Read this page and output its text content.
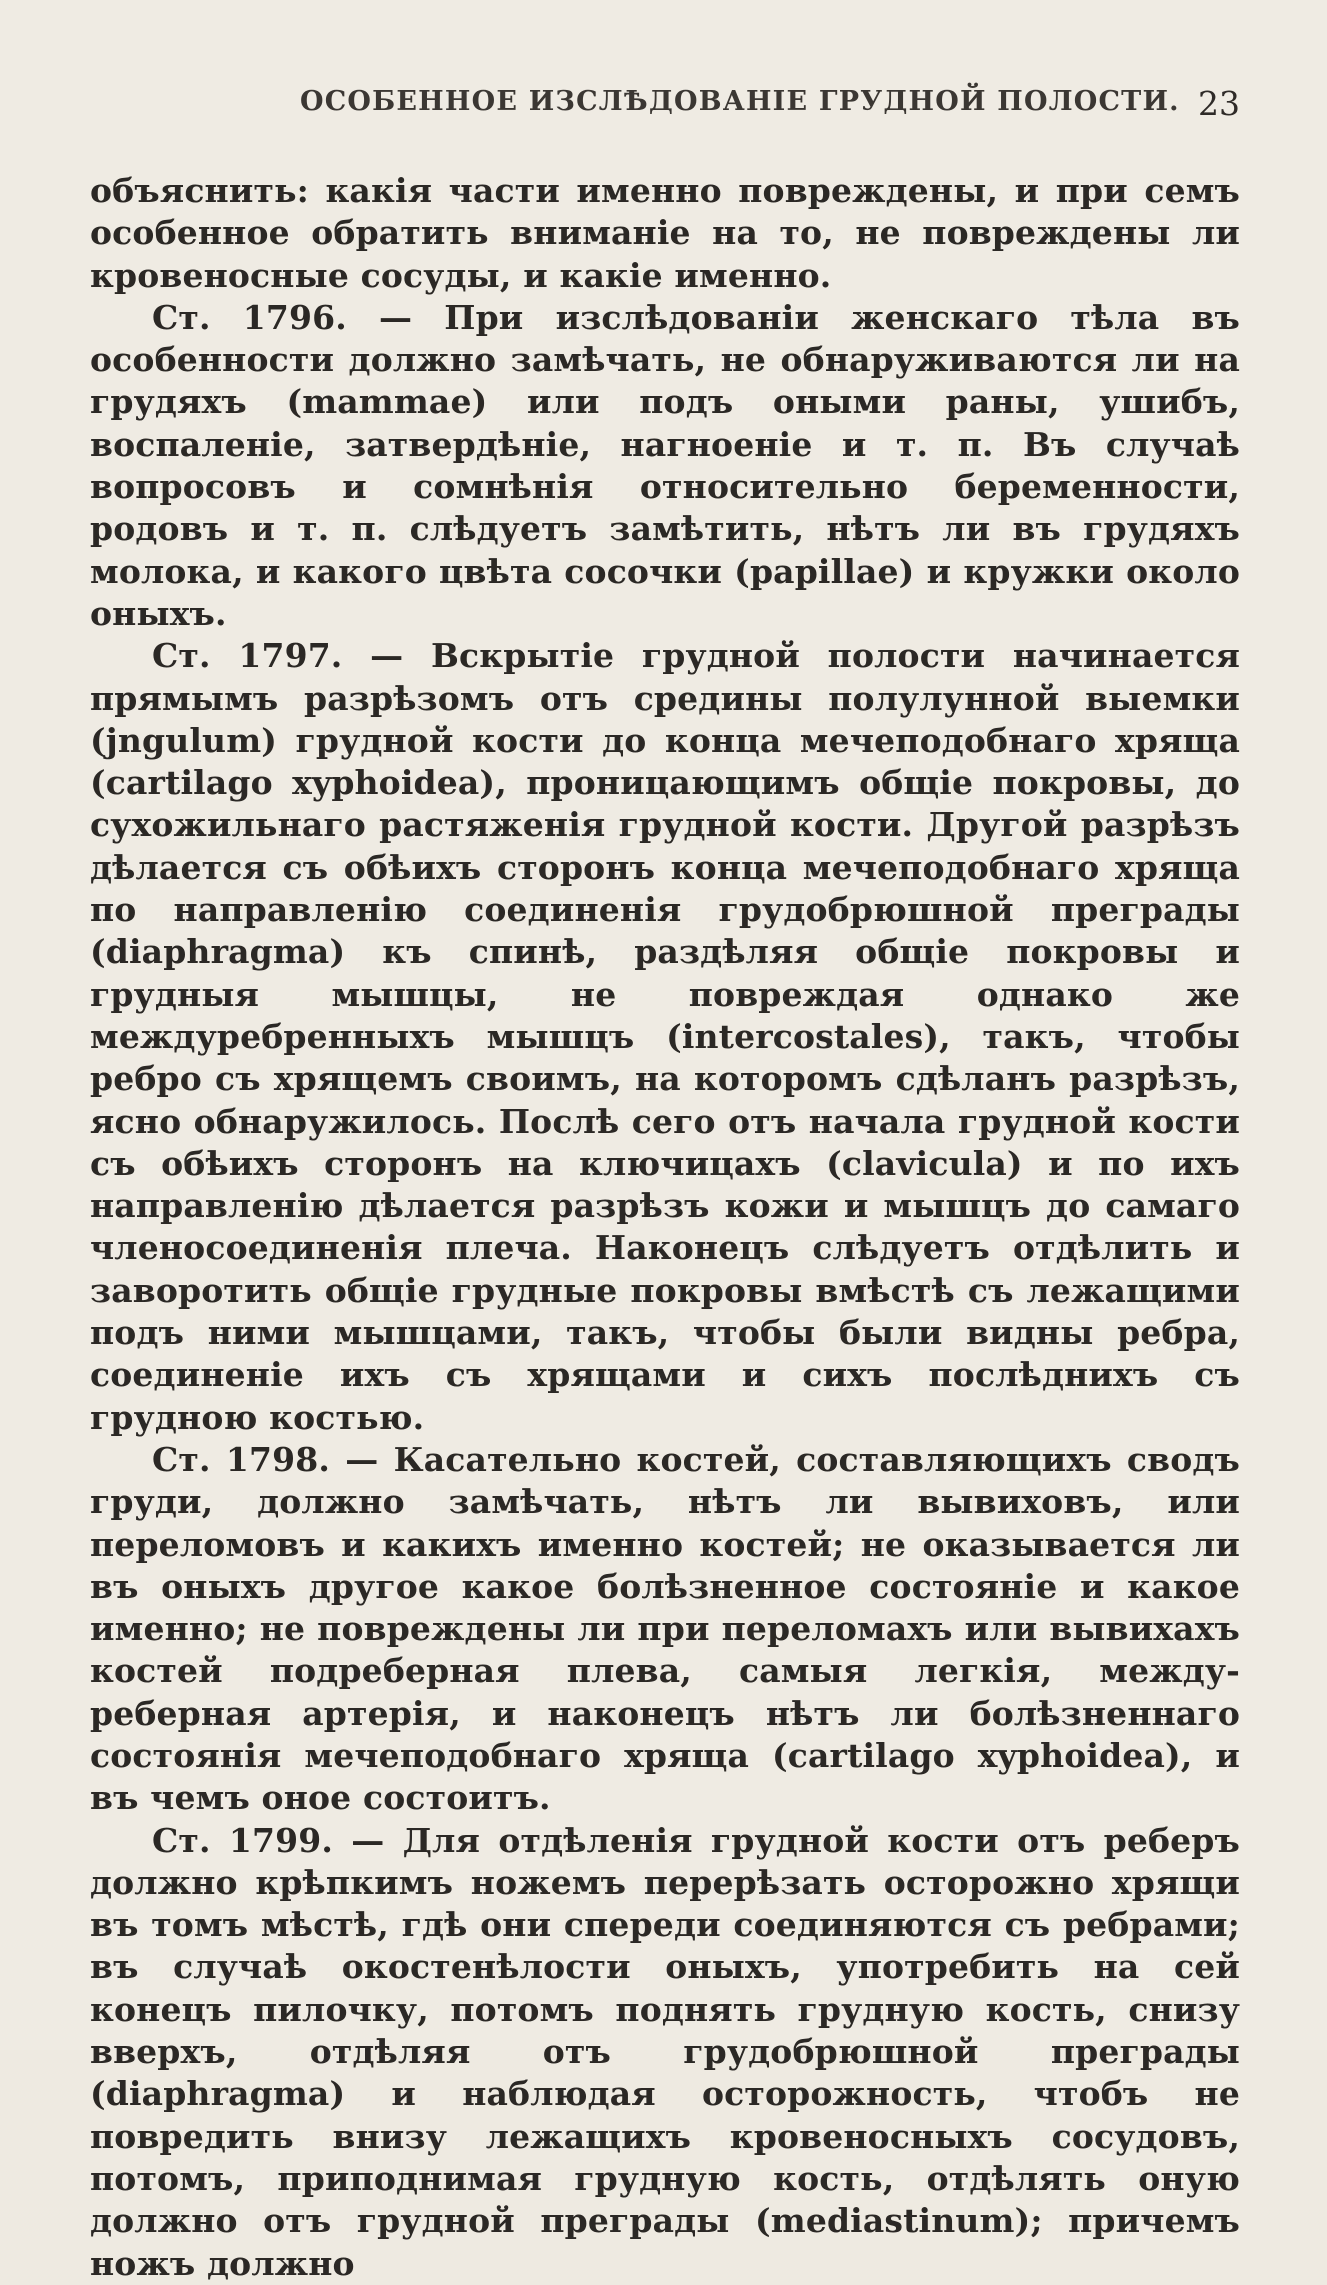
ОСОБЕННОЕ ИЗСЛѢДОВАНІЕ ГРУДНОЙ ПОЛОСТИ. 23

объяснить: какія части именно повреждены, и при семъ особенное обратить вниманіе на то, не повреждены ли кровеносные сосуды, и какіе именно.

Ст. 1796. — При изслѣдованіи женскаго тѣла въ особенности должно замѣчать, не обнаруживаются ли на грудяхъ (mammae) или подъ оными раны, ушибъ, воспаленіе, затвердѣніе, нагноеніе и т. п. Въ случаѣ вопросовъ и сомнѣнія относительно беременности, родовъ и т. п. слѣдуетъ замѣтить, нѣтъ ли въ грудяхъ молока, и какого цвѣта сосочки (papillae) и кружки около оныхъ.

Ст. 1797. — Вскрытіе грудной полости начинается прямымъ разрѣзомъ отъ средины полулунной выемки (jngulum) грудной кости до конца мечеподобнаго хряща (cartilago xyphoidea), проницающимъ общіе покровы, до сухожильнаго растяженія грудной кости. Другой разрѣзъ дѣлается съ обѣихъ сторонъ конца мечеподобнаго хряща по направленію соединенія грудобрюшной преграды (diaphragma) къ спинѣ, раздѣляя общіе покровы и грудныя мышцы, не повреждая однако же междуребренныхъ мышцъ (intercostales), такъ, чтобы ребро съ хрящемъ своимъ, на которомъ сдѣланъ разрѣзъ, ясно обнаружилось. Послѣ сего отъ начала грудной кости съ обѣихъ сторонъ на ключицахъ (clavicula) и по ихъ направленію дѣлается разрѣзъ кожи и мышцъ до самаго членосоединенія плеча. Наконецъ слѣдуетъ отдѣлить и заворотить общіе грудные покровы вмѣстѣ съ лежащими подъ ними мышцами, такъ, чтобы были видны ребра, соединеніе ихъ съ хрящами и сихъ послѣднихъ съ грудною костью.

Ст. 1798. — Касательно костей, составляющихъ сводъ груди, должно замѣчать, нѣтъ ли вывиховъ, или переломовъ и какихъ именно костей; не оказывается ли въ оныхъ другое какое болѣзненное состояніе и какое именно; не повреждены ли при переломахъ или вывихахъ костей подреберная плева, самыя легкія, между-реберная артерія, и наконецъ нѣтъ ли болѣзненнаго состоянія мечеподобнаго хряща (cartilago xyphoidea), и въ чемъ оное состоитъ.

Ст. 1799. — Для отдѣленія грудной кости отъ реберъ должно крѣпкимъ ножемъ перерѣзать осторожно хрящи въ томъ мѣстѣ, гдѣ они спереди соединяются съ ребрами; въ случаѣ окостенѣлости оныхъ, употребить на сей конецъ пилочку, потомъ поднять грудную кость, снизу вверхъ, отдѣляя отъ грудобрюшной преграды (diaphragma) и наблюдая осторожность, чтобъ не повредить внизу лежащихъ кровеносныхъ сосудовъ, потомъ, приподнимая грудную кость, отдѣлять оную должно отъ грудной преграды (mediastinum); причемъ ножъ должно
